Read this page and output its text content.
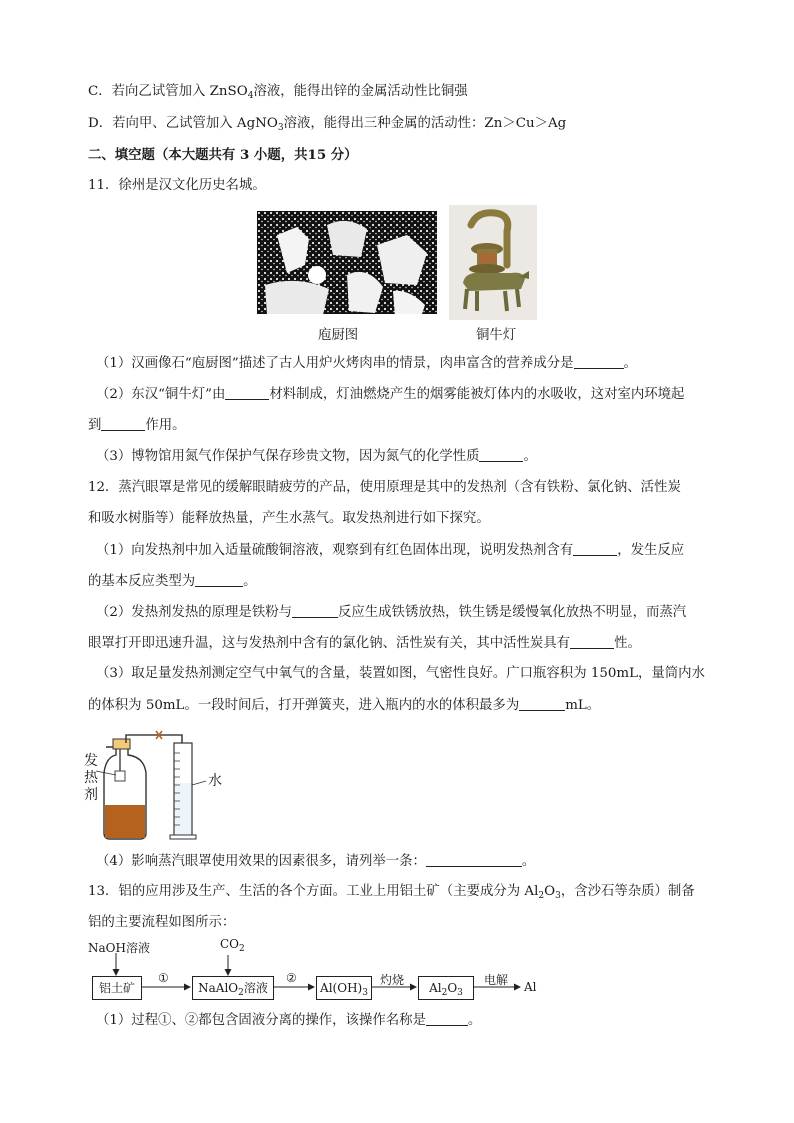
C．若向乙试管加入 ZnSO$_4$溶液，能得出锌的金属活动性比铜强
D．若向甲、乙试管加入 AgNO$_3$溶液，能得出三种金属的活动性：Zn＞Cu＞Ag
二、填空题（本大题共有 3 小题，共15 分）
11．徐州是汉文化历史名城。
庖厨图	铜牛灯
（1）汉画像石“庖厨图”描述了古人用炉火烤肉串的情景，肉串富含的营养成分是	。
（2）东汉“铜牛灯”由	材料制成，灯油燃烧产生的烟雾能被灯体内的水吸收，这对室内环境起
到	作用。
（3）博物馆用氮气作保护气保存珍贵文物，因为氮气的化学性质	。
12．蒸汽眼罩是常见的缓解眼睛疲劳的产品，使用原理是其中的发热剂（含有铁粉、氯化钠、活性炭
和吸水树脂等）能释放热量，产生水蒸气。取发热剂进行如下探究。
（1）向发热剂中加入适量硫酸铜溶液，观察到有红色固体出现，说明发热剂含有	，发生反应
的基本反应类型为	。
（2）发热剂发热的原理是铁粉与	反应生成铁锈放热，铁生锈是缓慢氧化放热不明显，而蒸汽
眼罩打开即迅速升温，这与发热剂中含有的氯化钠、活性炭有关，其中活性炭具有	性。
（3）取足量发热剂测定空气中氧气的含量，装置如图，气密性良好。广口瓶容积为 150mL，量筒内水
的体积为 50mL。一段时间后，打开弹簧夹，进入瓶内的水的体积最多为	mL。
发
热
剂
水
（4）影响蒸汽眼罩使用效果的因素很多，请列举一条：	。
13．铝的应用涉及生产、生活的各个方面。工业上用铝土矿（主要成分为 $Al_2O_3$，含沙石等杂质）制备
铝的主要流程如图所示：
NaOH溶液	$CO_2$
铝土矿
①
NaAlO$_2$溶液
②
$Al(OH)_3$
灼烧
$Al_2O_3$
电解 Al
（1）过程①、②都包含固液分离的操作，该操作名称是	。
